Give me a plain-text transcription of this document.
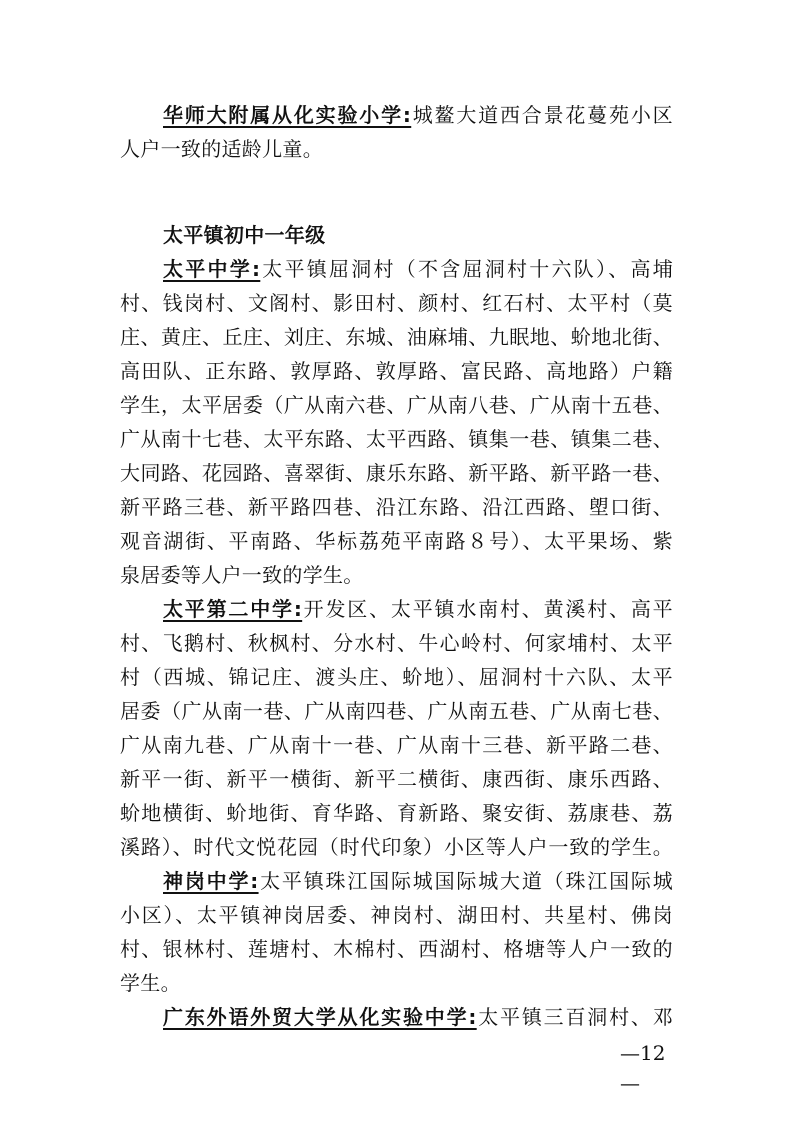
华师大附属从化实验小学:城鳌大道西合景花蔓苑小区
人户一致的适龄儿童。
太平镇初中一年级
太平中学:太平镇屈洞村（不含屈洞村十六队）、高埔
村、钱岗村、文阁村、影田村、颜村、红石村、太平村（莫
庄、黄庄、丘庄、刘庄、东城、油麻埔、九眠地、蚧地北街、
高田队、正东路、敦厚路、敦厚路、富民路、高地路）户籍
学生，太平居委（广从南六巷、广从南八巷、广从南十五巷、
广从南十七巷、太平东路、太平西路、镇集一巷、镇集二巷、
大同路、花园路、喜翠街、康乐东路、新平路、新平路一巷、
新平路三巷、新平路四巷、沿江东路、沿江西路、塱口街、
观音湖街、平南路、华标荔苑平南路８号）、太平果场、紫
泉居委等人户一致的学生。
太平第二中学:开发区、太平镇水南村、黄溪村、高平
村、飞鹅村、秋枫村、分水村、牛心岭村、何家埔村、太平
村（西城、锦记庄、渡头庄、蚧地）、屈洞村十六队、太平
居委（广从南一巷、广从南四巷、广从南五巷、广从南七巷、
广从南九巷、广从南十一巷、广从南十三巷、新平路二巷、
新平一街、新平一横街、新平二横街、康西街、康乐西路、
蚧地横街、蚧地街、育华路、育新路、聚安街、荔康巷、荔
溪路）、时代文悦花园（时代印象）小区等人户一致的学生。
神岗中学:太平镇珠江国际城国际城大道（珠江国际城
小区）、太平镇神岗居委、神岗村、湖田村、共星村、佛岗
村、银林村、莲塘村、木棉村、西湖村、格塘等人户一致的
学生。
广东外语外贸大学从化实验中学:太平镇三百洞村、邓
—12—
